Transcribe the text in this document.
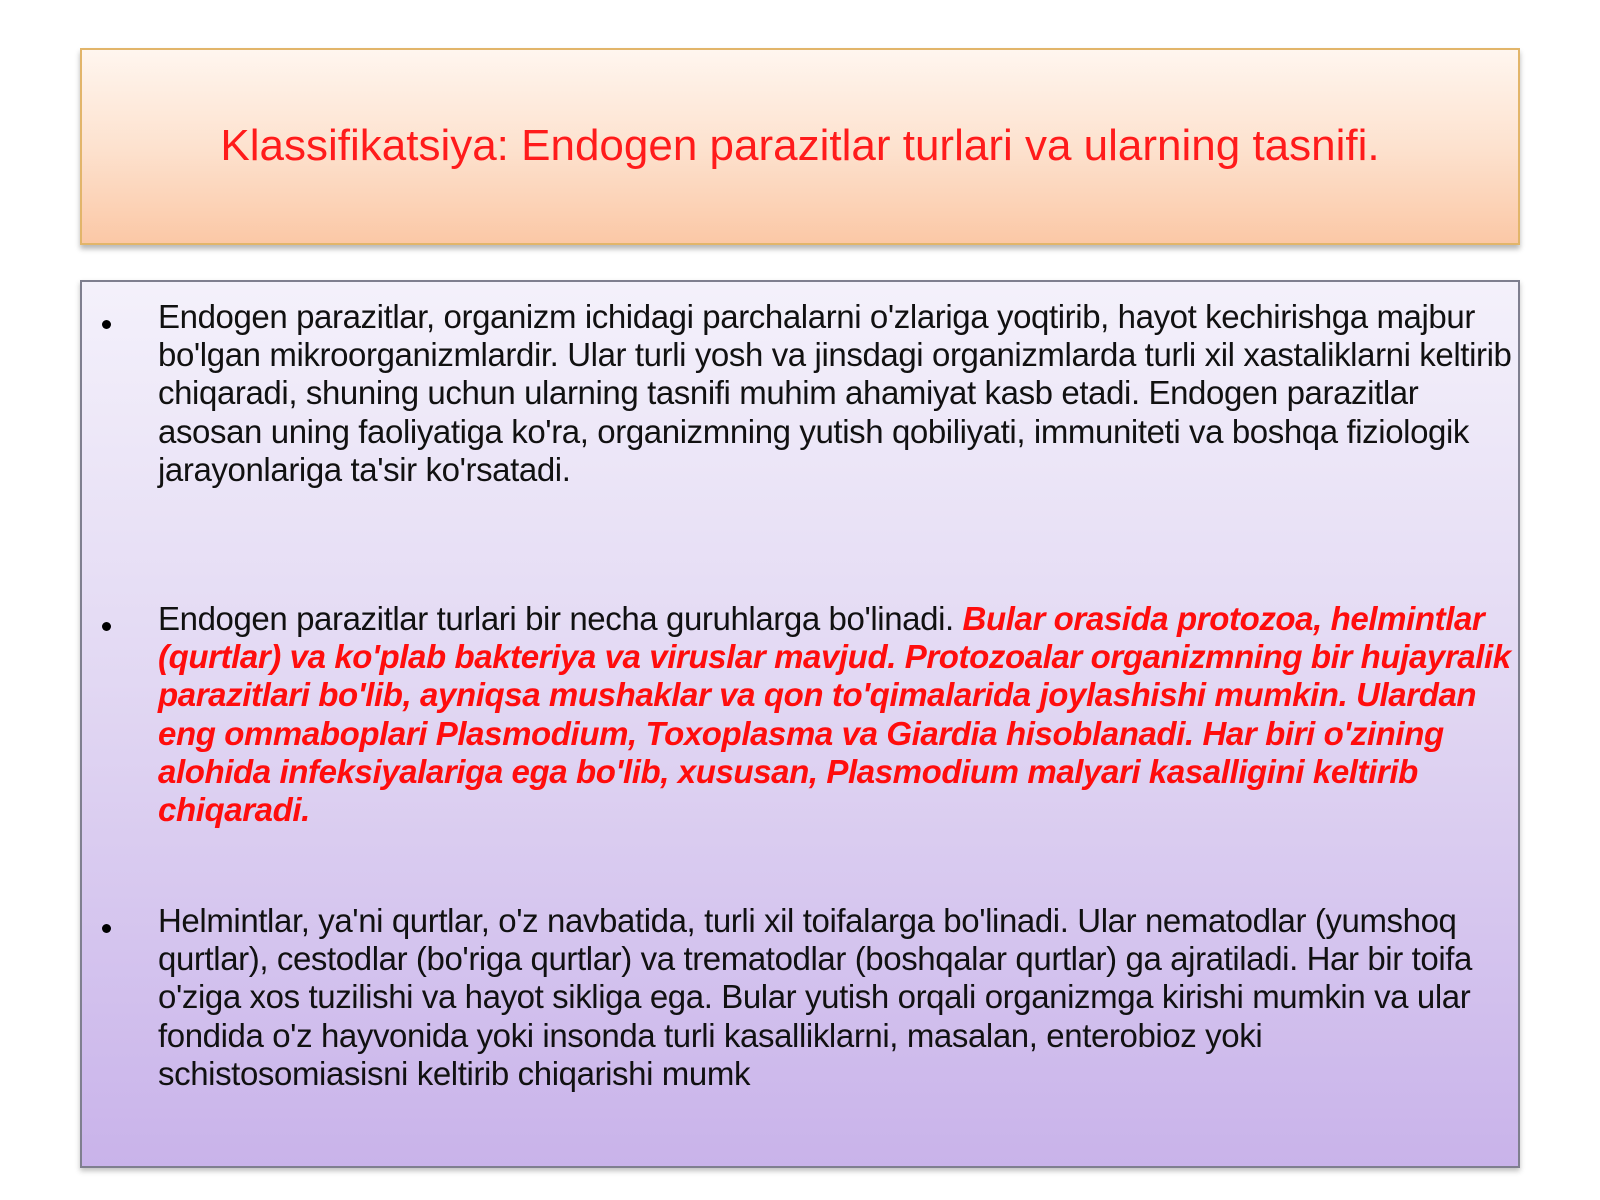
Klassifikatsiya: Endogen parazitlar turlari va ularning tasnifi.
Endogen parazitlar, organizm ichidagi parchalarni o'zlariga yoqtirib, hayot kechirishga majbur bo'lgan mikroorganizmlardir. Ular turli yosh va jinsdagi organizmlarda turli xil xastaliklarni keltirib chiqaradi, shuning uchun ularning tasnifi muhim ahamiyat kasb etadi. Endogen parazitlar asosan uning faoliyatiga ko'ra, organizmning yutish qobiliyati, immuniteti va boshqa fiziologik jarayonlariga ta'sir ko'rsatadi.
Endogen parazitlar turlari bir necha guruhlarga bo'linadi. Bular orasida protozoa, helmintlar (qurtlar) va ko'plab bakteriya va viruslar mavjud. Protozoalar organizmning bir hujayralik parazitlari bo'lib, ayniqsa mushaklar va qon to'qimalarida joylashishi mumkin. Ulardan eng ommaboplari Plasmodium, Toxoplasma va Giardia hisoblanadi. Har biri o'zining alohida infeksiyalariga ega bo'lib, xususan, Plasmodium malyari kasalligini keltirib chiqaradi.
Helmintlar, ya'ni qurtlar, o'z navbatida, turli xil toifalarga bo'linadi. Ular nematodlar (yumshoq qurtlar), cestodlar (bo'riga qurtlar) va trematodlar (boshqalar qurtlar) ga ajratiladi. Har bir toifa o'ziga xos tuzilishi va hayot sikliga ega. Bular yutish orqali organizmga kirishi mumkin va ular fondida o'z hayvonida yoki insonda turli kasalliklarni, masalan, enterobioz yoki schistosomiasisni keltirib chiqarishi mumk
